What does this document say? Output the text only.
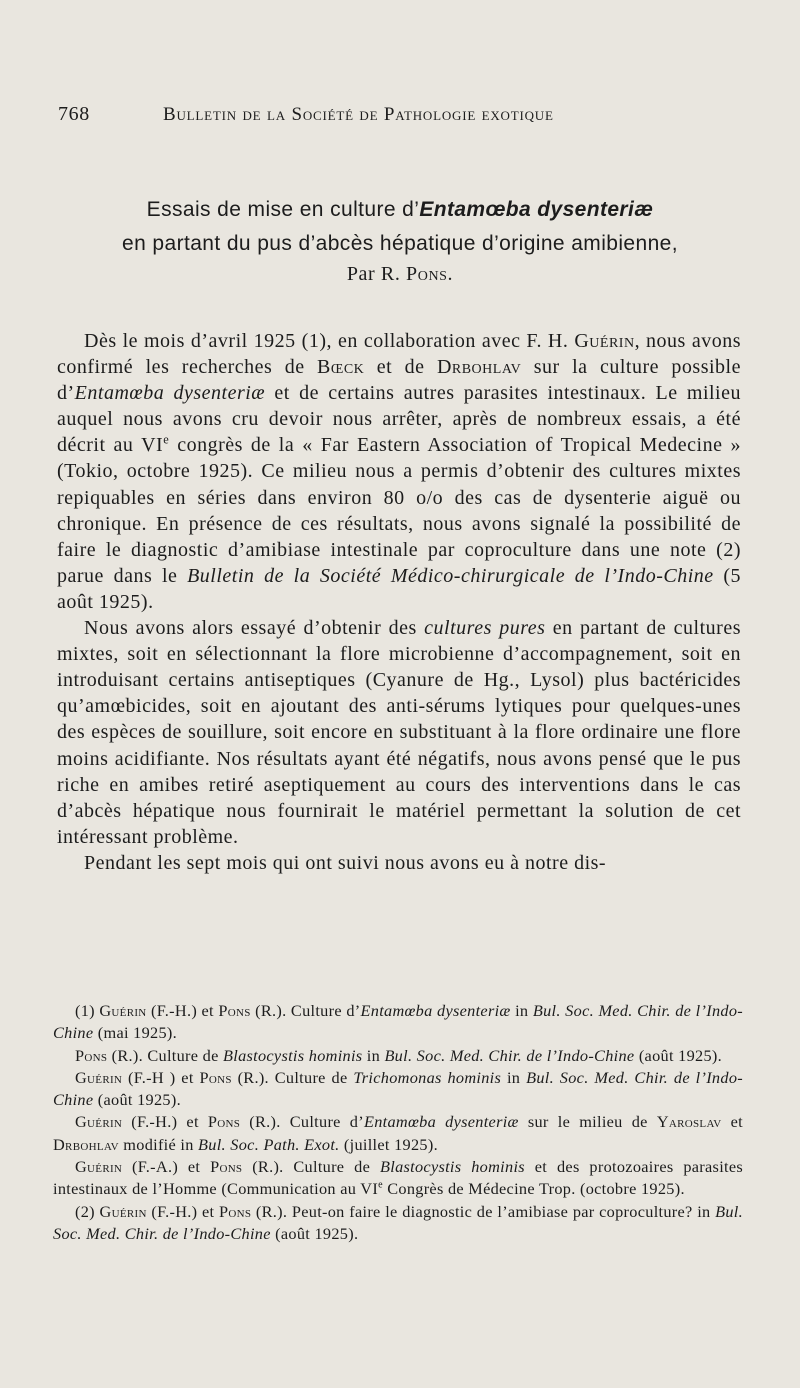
768	Bulletin de la Société de Pathologie exotique
Essais de mise en culture d’Entamœba dysenteriæ
en partant du pus d’abcès hépatique d’origine amibienne,
Par R. Pons.

Dès le mois d’avril 1925 (1), en collaboration avec F. H. Guérin, nous avons confirmé les recherches de Bœck et de Drbohlav sur la culture possible d’Entamœba dysenteriæ et de certains autres parasites intestinaux. Le milieu auquel nous avons cru devoir nous arrêter, après de nombreux essais, a été décrit au VIe congrès de la « Far Eastern Association of Tropical Medecine » (Tokio, octobre 1925). Ce milieu nous a permis d’obtenir des cultures mixtes repiquables en séries dans environ 80 o/o des cas de dysenterie aiguë ou chronique. En présence de ces résultats, nous avons signalé la possibilité de faire le diagnostic d’amibiase intestinale par coproculture dans une note (2) parue dans le Bulletin de la Société Médico-chirurgicale de l’Indo-Chine (5 août 1925).

Nous avons alors essayé d’obtenir des cultures pures en partant de cultures mixtes, soit en sélectionnant la flore microbienne d’accompagnement, soit en introduisant certains antiseptiques (Cyanure de Hg., Lysol) plus bactéricides qu’amœbicides, soit en ajoutant des anti-sérums lytiques pour quelques-unes des espèces de souillure, soit encore en substituant à la flore ordinaire une flore moins acidifiante. Nos résultats ayant été négatifs, nous avons pensé que le pus riche en amibes retiré aseptiquement au cours des interventions dans le cas d’abcès hépatique nous fournirait le matériel permettant la solution de cet intéressant problème.

Pendant les sept mois qui ont suivi nous avons eu à notre dis-

(1) Guérin (F.-H.) et Pons (R.). Culture d’Entamœba dysenteriæ in Bul. Soc. Med. Chir. de l’Indo-Chine (mai 1925).

Pons (R.). Culture de Blastocystis hominis in Bul. Soc. Med. Chir. de l’Indo-Chine (août 1925).

Guérin (F.-H ) et Pons (R.). Culture de Trichomonas hominis in Bul. Soc. Med. Chir. de l’Indo-Chine (août 1925).

Guérin (F.-H.) et Pons (R.). Culture d’Entamœba dysenteriæ sur le milieu de Yaroslav et Drbohlav modifié in Bul. Soc. Path. Exot. (juillet 1925).

Guérin (F.-A.) et Pons (R.). Culture de Blastocystis hominis et des protozoaires parasites intestinaux de l’Homme (Communication au VIe Congrès de Médecine Trop. (octobre 1925).

(2) Guérin (F.-H.) et Pons (R.). Peut-on faire le diagnostic de l’amibiase par coproculture? in Bul. Soc. Med. Chir. de l’Indo-Chine (août 1925).
